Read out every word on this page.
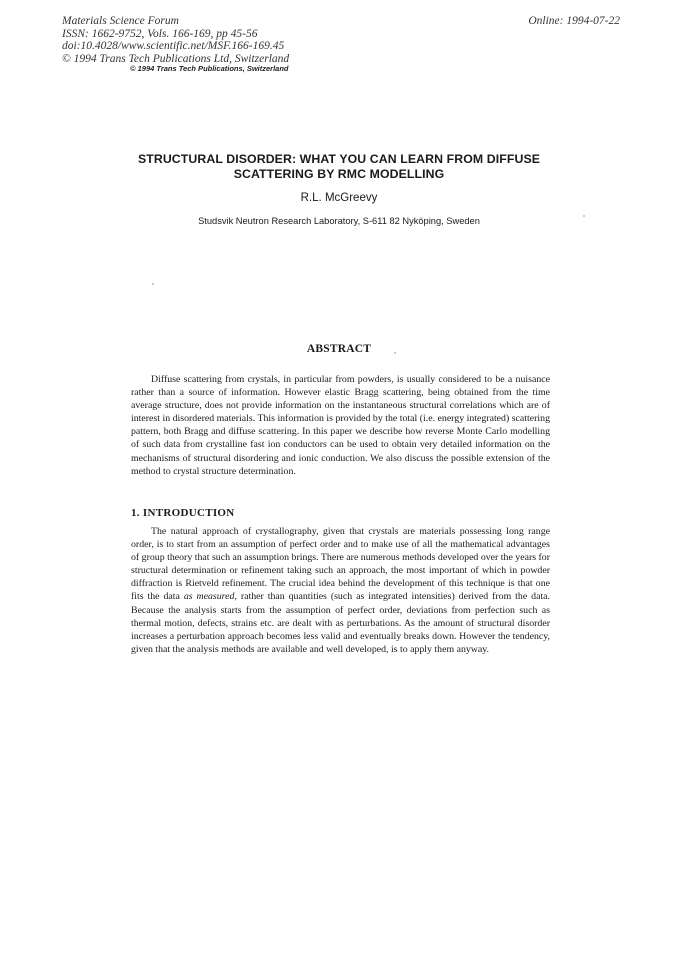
Materials Science Forum
ISSN: 1662-9752, Vols. 166-169, pp 45-56
doi:10.4028/www.scientific.net/MSF.166-169.45
© 1994 Trans Tech Publications Ltd, Switzerland
Online: 1994-07-22
© 1994 Trans Tech Publications, Switzerland
STRUCTURAL DISORDER: WHAT YOU CAN LEARN FROM DIFFUSE
SCATTERING BY RMC MODELLING
R.L. McGreevy
Studsvik Neutron Research Laboratory, S-611 82 Nyköping, Sweden
ABSTRACT

Diffuse scattering from crystals, in particular from powders, is usually considered to be a nuisance rather than a source of information. However elastic Bragg scattering, being obtained from the time average structure, does not provide information on the instantaneous structural correlations which are of interest in disordered materials. This information is provided by the total (i.e. energy integrated) scattering pattern, both Bragg and diffuse scattering. In this paper we describe how reverse Monte Carlo modelling of such data from crystalline fast ion conductors can be used to obtain very detailed information on the mechanisms of structural disordering and ionic conduction. We also discuss the possible extension of the method to crystal structure determination.

1. INTRODUCTION

The natural approach of crystallography, given that crystals are materials possessing long range order, is to start from an assumption of perfect order and to make use of all the mathematical advantages of group theory that such an assumption brings. There are numerous methods developed over the years for structural determination or refinement taking such an approach, the most important of which in powder diffraction is Rietveld refinement. The crucial idea behind the development of this technique is that one fits the data as measured, rather than quantities (such as integrated intensities) derived from the data. Because the analysis starts from the assumption of perfect order, deviations from perfection such as thermal motion, defects, strains etc. are dealt with as perturbations. As the amount of structural disorder increases a perturbation approach becomes less valid and eventually breaks down. However the tendency, given that the analysis methods are available and well developed, is to apply them anyway.
